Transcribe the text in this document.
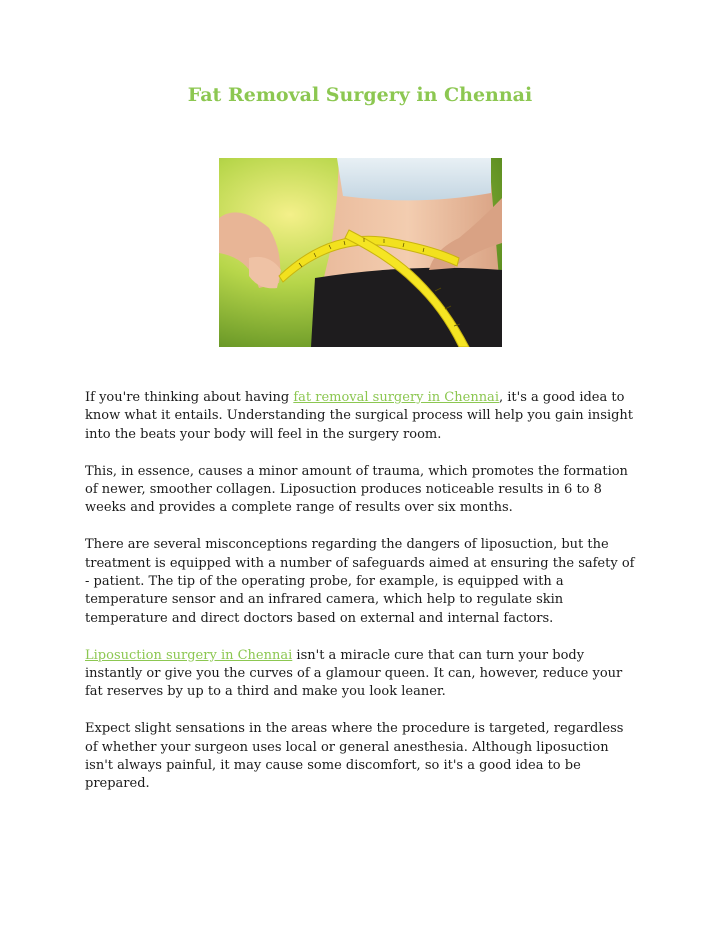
Fat Removal Surgery in Chennai

If you're thinking about having fat removal surgery in Chennai, it's a good idea to know what it entails. Understanding the surgical process will help you gain insight into the beats your body will feel in the surgery room.

This, in essence, causes a minor amount of trauma, which promotes the formation of newer, smoother collagen. Liposuction produces noticeable results in 6 to 8 weeks and provides a complete range of results over six months.

There are several misconceptions regarding the dangers of liposuction, but the treatment is equipped with a number of safeguards aimed at ensuring the safety of - patient. The tip of the operating probe, for example, is equipped with a temperature sensor and an infrared camera, which help to regulate skin temperature and direct doctors based on external and internal factors.

Liposuction surgery in Chennai isn't a miracle cure that can turn your body instantly or give you the curves of a glamour queen. It can, however, reduce your fat reserves by up to a third and make you look leaner.

Expect slight sensations in the areas where the procedure is targeted, regardless of whether your surgeon uses local or general anesthesia. Although liposuction isn't always painful, it may cause some discomfort, so it's a good idea to be prepared.
